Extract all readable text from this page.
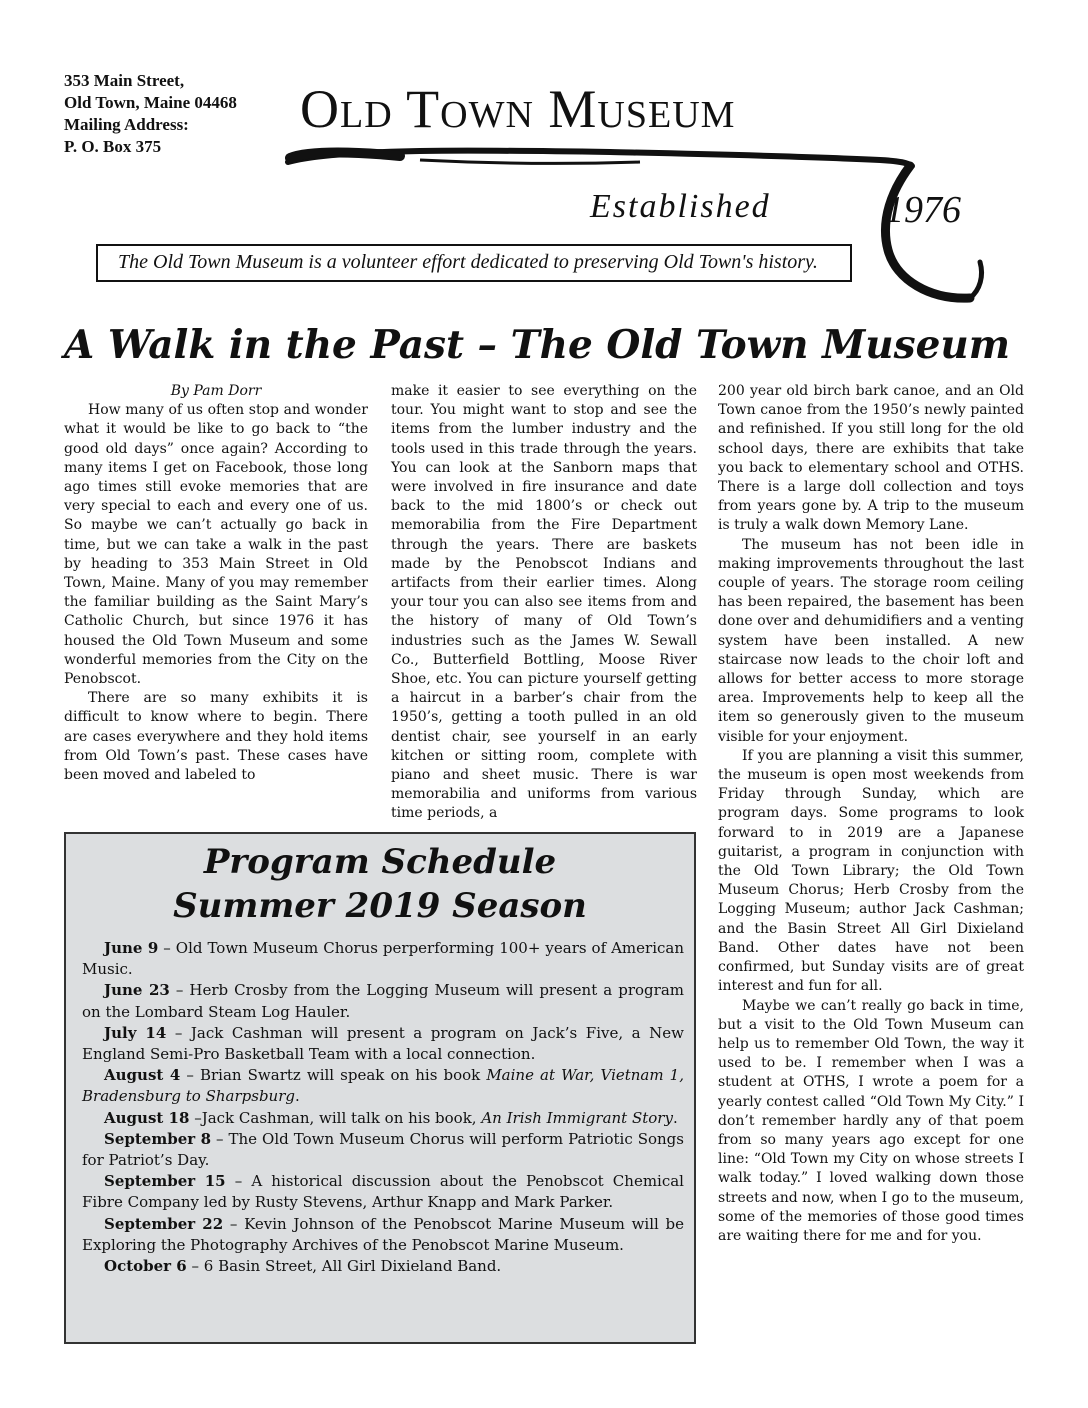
353 Main Street,
Old Town, Maine 04468
Mailing Address:
P. O. Box 375
Old Town Museum
Established	1976
The Old Town Museum is a volunteer effort dedicated to preserving Old Town's history.
A Walk in the Past – The Old Town Museum
By Pam Dorr

How many of us often stop and wonder what it would be like to go back to “the good old days” once again? According to many items I get on Facebook, those long ago times still evoke memories that are very special to each and every one of us. So maybe we can’t actually go back in time, but we can take a walk in the past by heading to 353 Main Street in Old Town, Maine. Many of you may remember the familiar building as the Saint Mary’s Catholic Church, but since 1976 it has housed the Old Town Museum and some wonderful memories from the City on the Penobscot.

There are so many exhibits it is difficult to know where to begin. There are cases everywhere and they hold items from Old Town’s past. These cases have been moved and labeled to

make it easier to see everything on the tour. You might want to stop and see the items from the lumber industry and the tools used in this trade through the years. You can look at the Sanborn maps that were involved in fire insurance and date back to the mid 1800’s or check out memorabilia from the Fire Department through the years. There are baskets made by the Penobscot Indians and artifacts from their earlier times. Along your tour you can also see items from and the history of many of Old Town’s industries such as the James W. Sewall Co., Butterfield Bottling, Moose River Shoe, etc. You can picture yourself getting a haircut in a barber’s chair from the 1950’s, getting a tooth pulled in an old dentist chair, see yourself in an early kitchen or sitting room, complete with piano and sheet music. There is war memorabilia and uniforms from various time periods, a

200 year old birch bark canoe, and an Old Town canoe from the 1950’s newly painted and refinished. If you still long for the old school days, there are exhibits that take you back to elementary school and OTHS. There is a large doll collection and toys from years gone by. A trip to the museum is truly a walk down Memory Lane.

The museum has not been idle in making improvements throughout the last couple of years. The storage room ceiling has been repaired, the basement has been done over and dehumidifiers and a venting system have been installed. A new staircase now leads to the choir loft and allows for better access to more storage area. Improvements help to keep all the item so generously given to the museum visible for your enjoyment.

If you are planning a visit this summer, the museum is open most weekends from Friday through Sunday, which are program days. Some programs to look forward to in 2019 are a Japanese guitarist, a program in conjunction with the Old Town Library; the Old Town Museum Chorus; Herb Crosby from the Logging Museum; author Jack Cashman; and the Basin Street All Girl Dixieland Band. Other dates have not been confirmed, but Sunday visits are of great interest and fun for all.

Maybe we can’t really go back in time, but a visit to the Old Town Museum can help us to remember Old Town, the way it used to be. I remember when I was a student at OTHS, I wrote a poem for a yearly contest called “Old Town My City.” I don’t remember hardly any of that poem from so many years ago except for one line: “Old Town my City on whose streets I walk today.” I loved walking down those streets and now, when I go to the museum, some of the memories of those good times are waiting there for me and for you.

Program Schedule
Summer 2019 Season

June 9 – Old Town Museum Chorus perperforming 100+ years of American Music.

June 23 – Herb Crosby from the Logging Museum will present a program on the Lombard Steam Log Hauler.

July 14 – Jack Cashman will present a program on Jack’s Five, a New England Semi-Pro Basketball Team with a local connection.

August 4 – Brian Swartz will speak on his book Maine at War, Vietnam 1, Bradensburg to Sharpsburg.

August 18 –Jack Cashman, will talk on his book, An Irish Immigrant Story.

September 8 – The Old Town Museum Chorus will perform Patriotic Songs for Patriot’s Day.

September 15 – A historical discussion about the Penobscot Chemical Fibre Company led by Rusty Stevens, Arthur Knapp and Mark Parker.

September 22 – Kevin Johnson of the Penobscot Marine Museum will be Exploring the Photography Archives of the Penobscot Marine Museum.

October 6 – 6 Basin Street, All Girl Dixieland Band.
